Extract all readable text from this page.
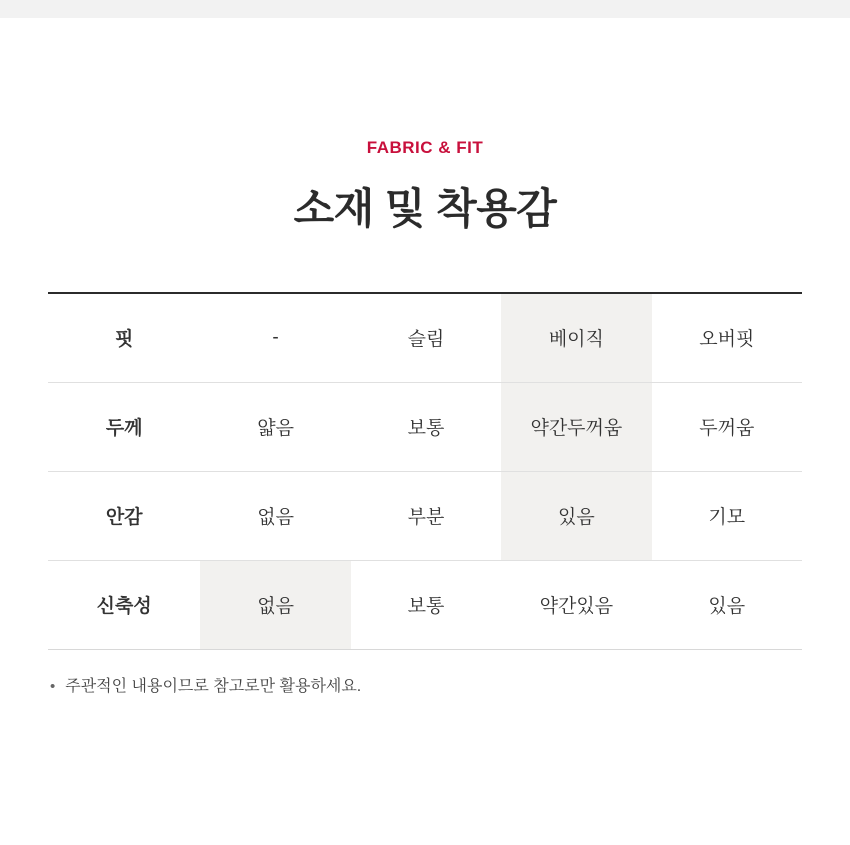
FABRIC & FIT
소재 및 착용감
핏	-	슬림	베이직	오버핏
두께	얇음	보통	약간두꺼움	두꺼움
안감	없음	부분	있음	기모
신축성	없음	보통	약간있음	있음
• 주관적인 내용이므로 참고로만 활용하세요.
